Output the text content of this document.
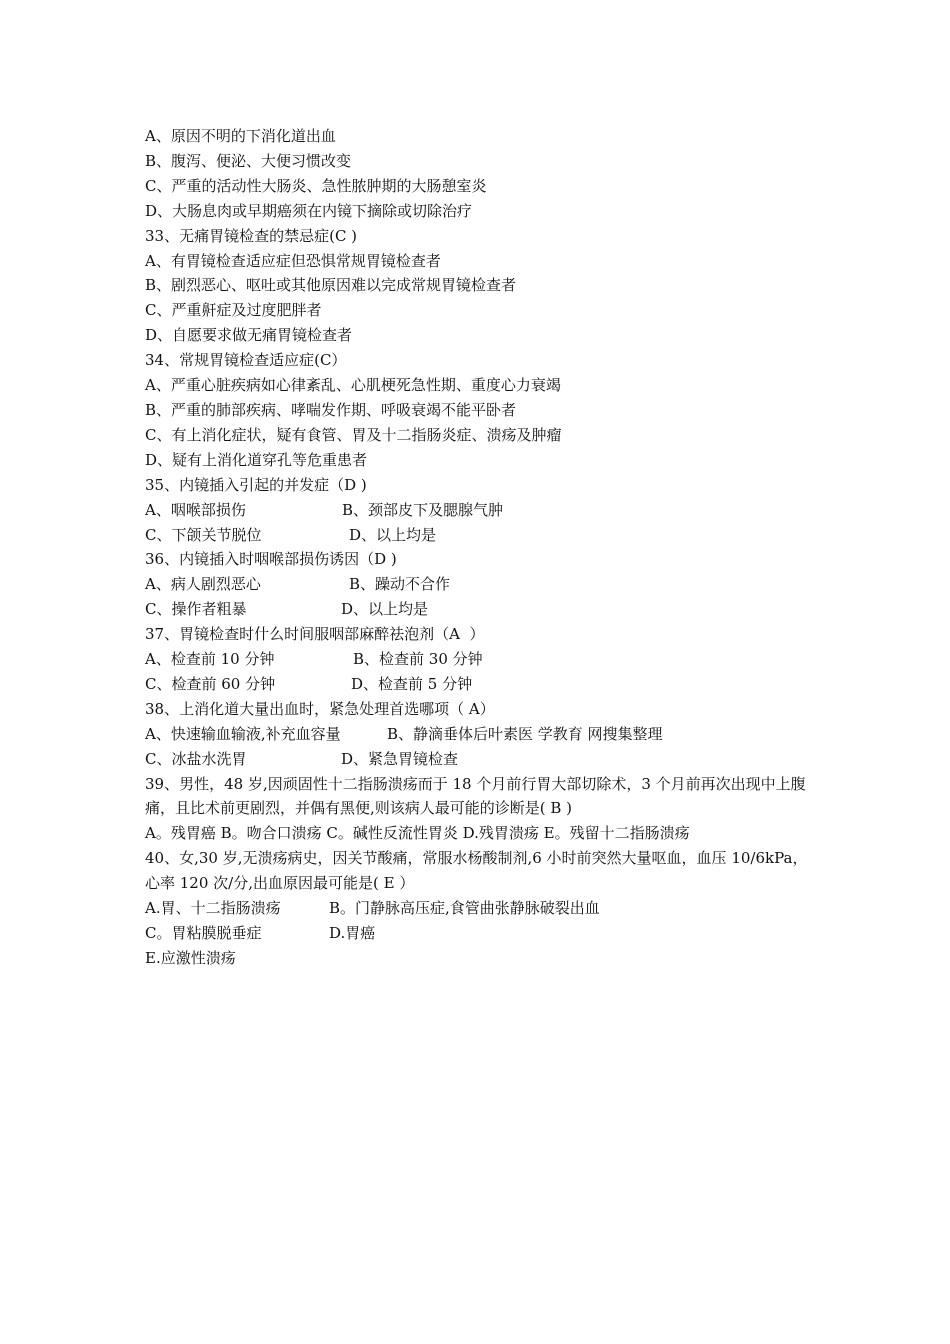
A、原因不明的下消化道出血
B、腹泻、便泌、大便习惯改变
C、严重的活动性大肠炎、急性脓肿期的大肠憩室炎
D、大肠息肉或早期癌须在内镜下摘除或切除治疗
33、无痛胃镜检查的禁忌症(C )
A、有胃镜检查适应症但恐惧常规胃镜检查者
B、剧烈恶心、呕吐或其他原因难以完成常规胃镜检查者
C、严重鼾症及过度肥胖者
D、自愿要求做无痛胃镜检查者
34、常规胃镜检查适应症(C）
A、严重心脏疾病如心律紊乱、心肌梗死急性期、重度心力衰竭
B、严重的肺部疾病、哮喘发作期、呼吸衰竭不能平卧者
C、有上消化症状，疑有食管、胃及十二指肠炎症、溃疡及肿瘤
D、疑有上消化道穿孔等危重患者
35、内镜插入引起的并发症（D )
A、咽喉部损伤	B、颈部皮下及腮腺气肿
C、下颌关节脱位	D、以上均是
36、内镜插入时咽喉部损伤诱因（D )
A、病人剧烈恶心	B、躁动不合作
C、操作者粗暴	D、以上均是
37、胃镜检查时什么时间服咽部麻醉祛泡剂（A  ）
A、检查前 10 分钟	B、检查前 30 分钟
C、检查前 60 分钟	D、检查前 5 分钟
38、上消化道大量出血时，紧急处理首选哪项（ A）
A、快速输血输液,补充血容量	B、静滴垂体后叶素医 学教育 网搜集整理
C、冰盐水洗胃	D、紧急胃镜检查
39、男性，48 岁,因顽固性十二指肠溃疡而于 18 个月前行胃大部切除术，3 个月前再次出现中上腹痛，且比术前更剧烈，并偶有黑便,则该病人最可能的诊断是( B )
A。残胃癌 B。吻合口溃疡 C。碱性反流性胃炎 D.残胃溃疡 E。残留十二指肠溃疡
40、女,30 岁,无溃疡病史，因关节酸痛，常服水杨酸制剂,6 小时前突然大量呕血，血压 10/6kPa，心率 120 次/分,出血原因最可能是( E ）
A.胃、十二指肠溃疡	B。门静脉高压症,食管曲张静脉破裂出血
C。胃粘膜脱垂症	D.胃癌
E.应激性溃疡
